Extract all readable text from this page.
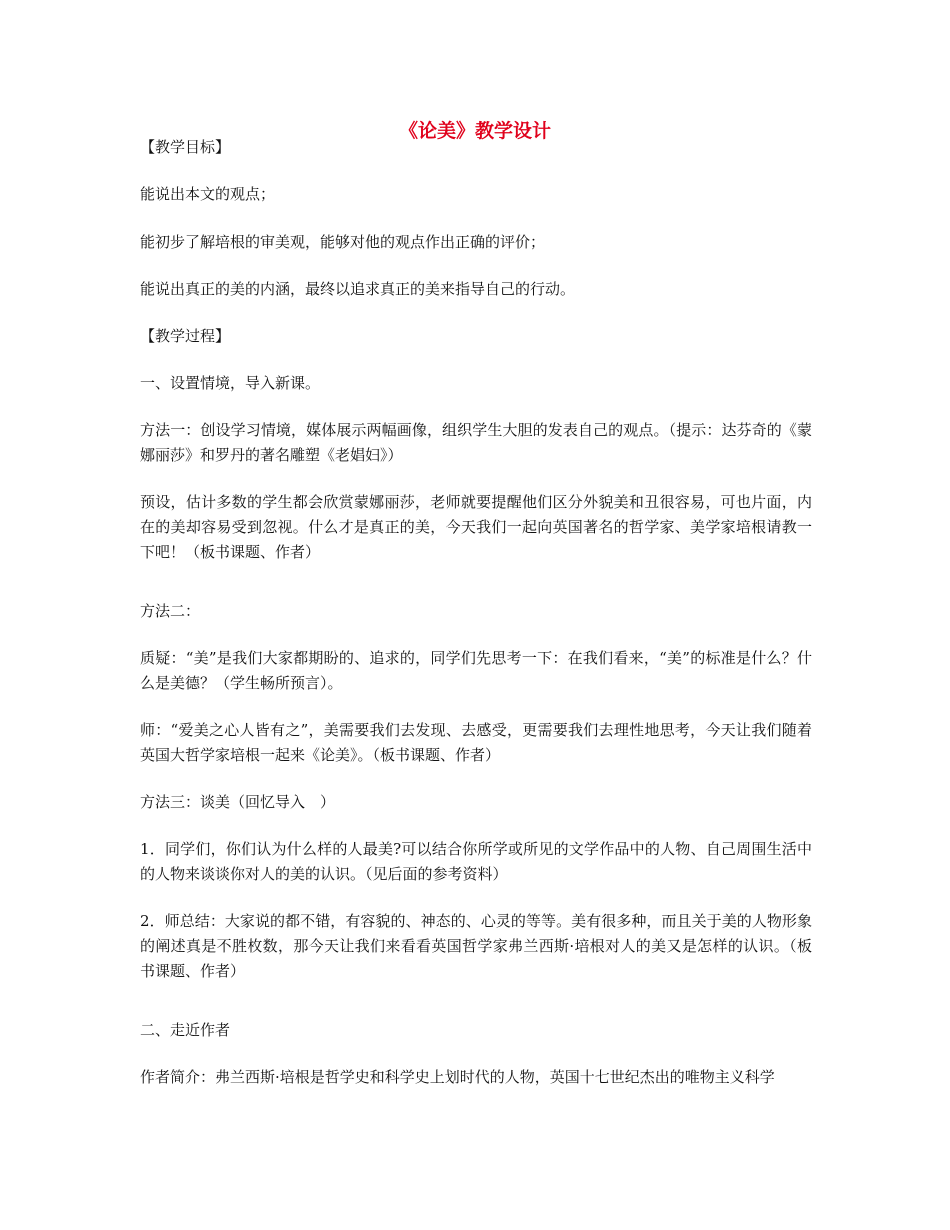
《论美》教学设计

【教学目标】

能说出本文的观点；

能初步了解培根的审美观，能够对他的观点作出正确的评价；

能说出真正的美的内涵，最终以追求真正的美来指导自己的行动。

【教学过程】

一、设置情境，导入新课。

方法一：创设学习情境，媒体展示两幅画像，组织学生大胆的发表自己的观点。（提示：达芬奇的《蒙娜丽莎》和罗丹的著名雕塑《老娼妇》）

预设，估计多数的学生都会欣赏蒙娜丽莎，老师就要提醒他们区分外貌美和丑很容易，可也片面，内在的美却容易受到忽视。什么才是真正的美，今天我们一起向英国著名的哲学家、美学家培根请教一下吧！（板书课题、作者）

方法二：

质疑：“美”是我们大家都期盼的、追求的，同学们先思考一下：在我们看来，“美”的标准是什么？什么是美德？（学生畅所预言）。

师：“爱美之心人皆有之”，美需要我们去发现、去感受，更需要我们去理性地思考，今天让我们随着英国大哲学家培根一起来《论美》。（板书课题、作者）

方法三：谈美（回忆导入　）

1．同学们，你们认为什么样的人最美?可以结合你所学或所见的文学作品中的人物、自己周围生活中的人物来谈谈你对人的美的认识。（见后面的参考资料）

2．师总结：大家说的都不错，有容貌的、神态的、心灵的等等。美有很多种，而且关于美的人物形象的阐述真是不胜枚数，那今天让我们来看看英国哲学家弗兰西斯·培根对人的美又是怎样的认识。（板书课题、作者）

二、走近作者

作者简介：弗兰西斯·培根是哲学史和科学史上划时代的人物，英国十七世纪杰出的唯物主义科学
